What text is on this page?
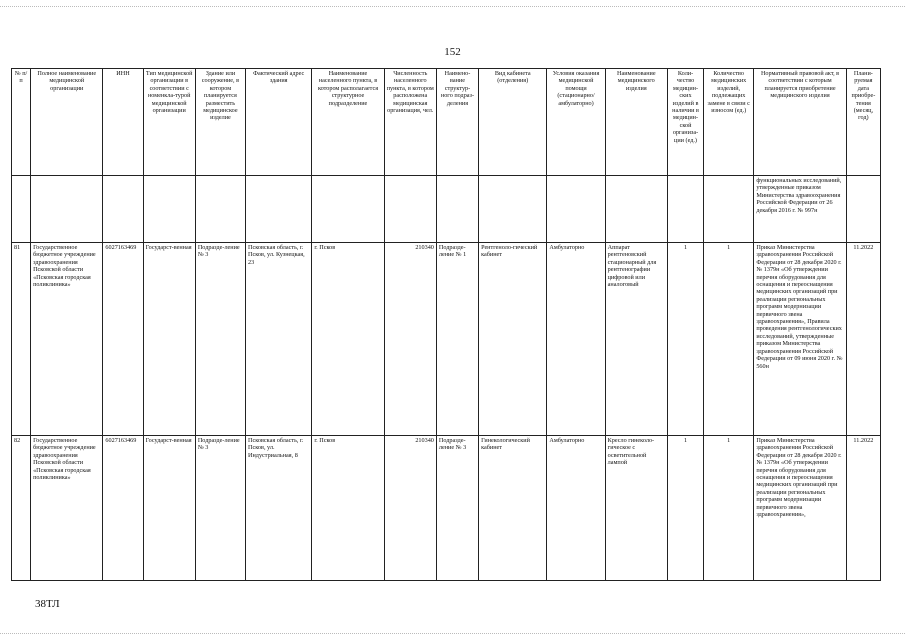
152
№ п/п	Полное наименование медицинской организации	ИНН	Тип медицинской организации в соответствии с номенкла-турой медицинской организации	Здание или сооружение, в котором планируется разместить медицинское изделие	Фактический адрес здания	Наименование населенного пункта, в котором располагается структурное подразделение	Численность населенного пункта, в котором расположена медицинская организация, чел.	Наимено-вание структур-ного подраз-деления	Вид кабинета (отделения)	Условия оказания медицинской помощи (стационарно/амбулаторно)	Наименование медицинского изделия	Коли-чество медицин-ских изделий в наличии в медицин-ской организа-ции (ед.)	Количество медицинских изделий, подлежащих замене в связи с износом (ед.)	Нормативный правовой акт, в соответствии с которым планируется приобретение медицинского изделия	Плани-руемая дата приобре-тения (месяц, год)
														функциональных исследований, утвержденные приказом Министерства здравоохранения Российской Федерации от 26 декабря 2016 г. № 997н	
81	Государственное бюджетное учреждение здравоохранения Псковской области «Псковская городская поликлиника»	6027163469	Государст-венная	Подразде-ление № 3	Псковская область, г. Псков, ул. Кузнецкая, 23	г. Псков	210340	Подразде-ление № 1	Рентгеноло-гический кабинет	Амбулаторно	Аппарат рентгеновский стационарный для рентгенографии цифровой или аналоговый	1	1	Приказ Министерства здравоохранения Российской Федерации от 28 декабря 2020 г. № 1379н «Об утверждении перечня оборудования для оснащения и переоснащения медицинских организаций при реализации региональных программ модернизации первичного звена здравоохранения», Правила проведения рентгенологических исследований, утвержденные приказом Министерства здравоохранения Российской Федерации от 09 июня 2020 г. № 560н	11.2022
82	Государственное бюджетное учреждение здравоохранения Псковской области «Псковская городская поликлиника»	6027163469	Государст-венная	Подразде-ление № 3	Псковская область, г. Псков, ул. Индустриальная, 8	г. Псков	210340	Подразде-ление № 3	Гинекологический кабинет	Амбулаторно	Кресло гинеколо-гическое с осветительной лампой	1	1	Приказ Министерства здравоохранения Российской Федерации от 28 декабря 2020 г. № 1379н «Об утверждении перечня оборудования для оснащения и переоснащения медицинских организаций при реализации региональных программ модернизации первичного звена здравоохранения»,	11.2022
38ТЛ
